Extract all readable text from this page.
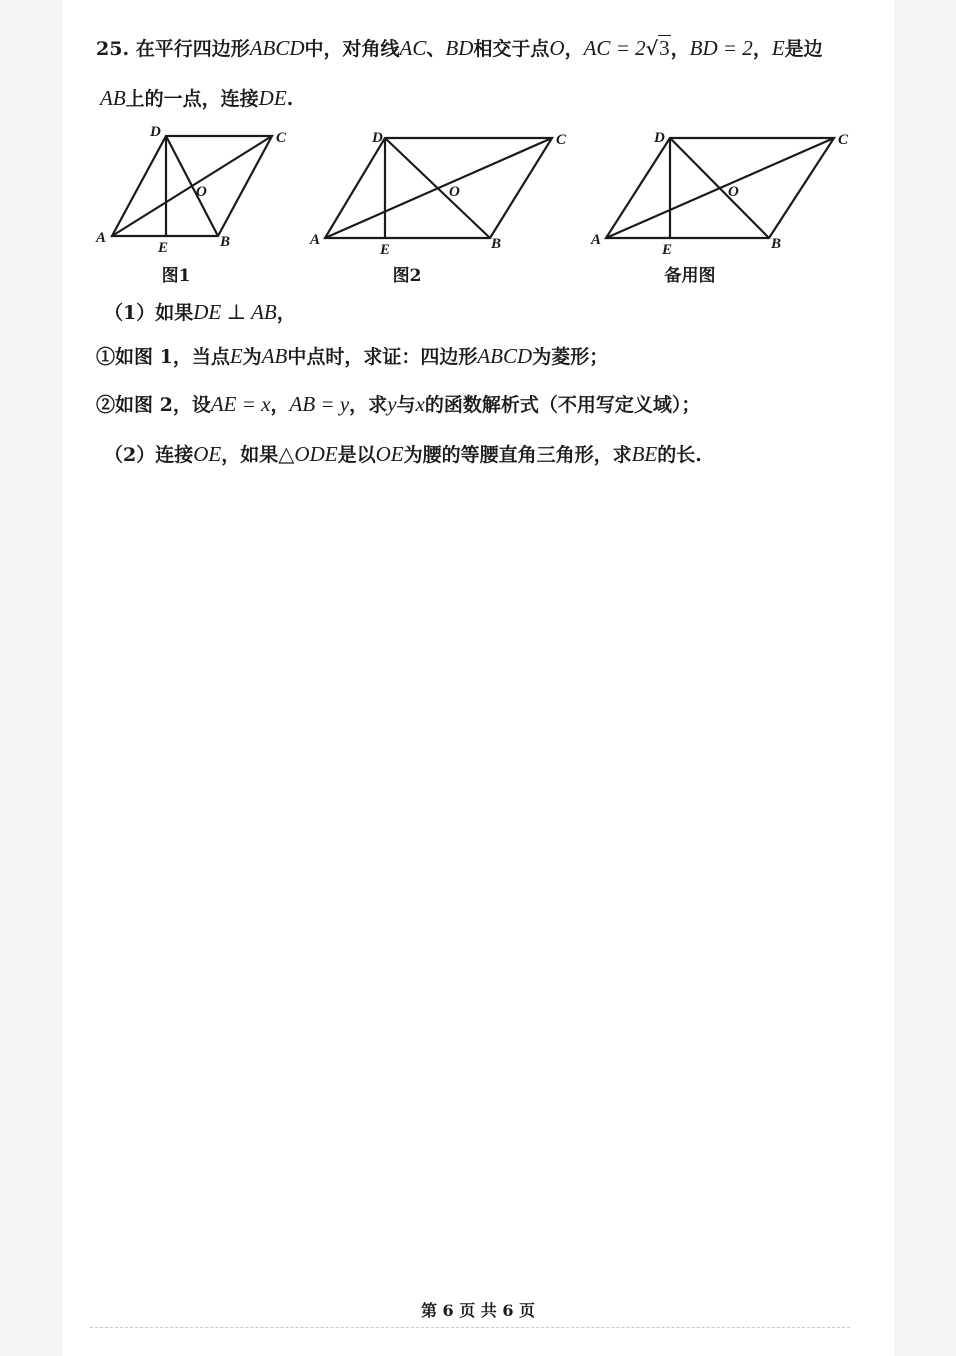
25. 在平行四边形ABCD中，对角线AC、BD相交于点O，AC = 2√3，BD = 2，E是边
AB上的一点，连接DE.
A	B
C
D
E
O
图1
A	B
C
D
E
O
图2
A	B
C
D
E
O
备用图
（1）如果DE ⊥ AB，
①如图 1，当点E为AB中点时，求证：四边形ABCD为菱形；
②如图 2，设AE = x，AB = y，求y与x的函数解析式（不用写定义域）；
（2）连接OE，如果△ODE是以OE为腰的等腰直角三角形，求BE的长.
第 6 页 共 6 页
